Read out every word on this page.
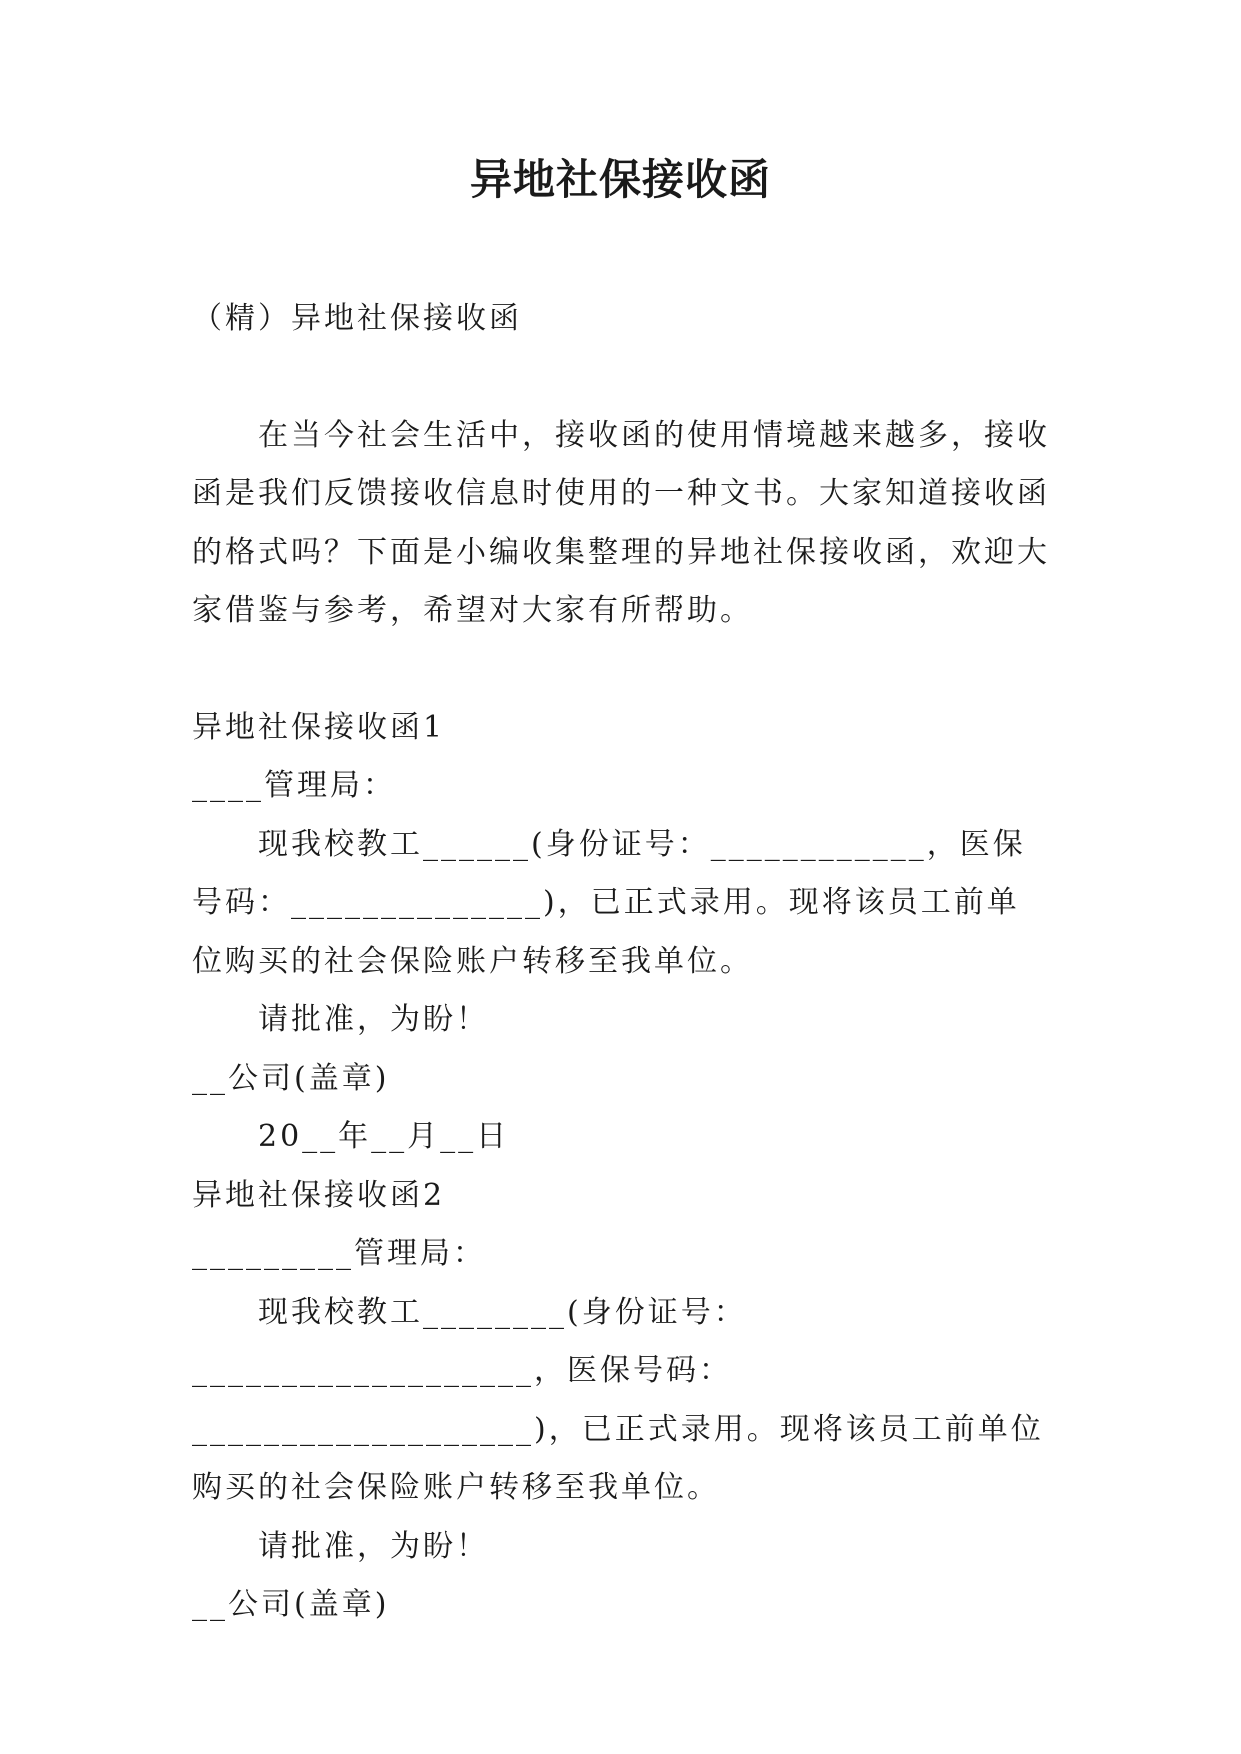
异地社保接收函

（精）异地社保接收函

在当今社会生活中，接收函的使用情境越来越多，接收函是我们反馈接收信息时使用的一种文书。大家知道接收函的格式吗？下面是小编收集整理的异地社保接收函，欢迎大家借鉴与参考，希望对大家有所帮助。

异地社保接收函1

____管理局：

现我校教工______(身份证号：____________，医保号码：______________)，已正式录用。现将该员工前单位购买的社会保险账户转移至我单位。

请批准，为盼！

__公司(盖章)

20__年__月__日

异地社保接收函2

_________管理局：

现我校教工________(身份证号：___________________，医保号码：___________________)，已正式录用。现将该员工前单位购买的社会保险账户转移至我单位。

请批准，为盼！

__公司(盖章)
